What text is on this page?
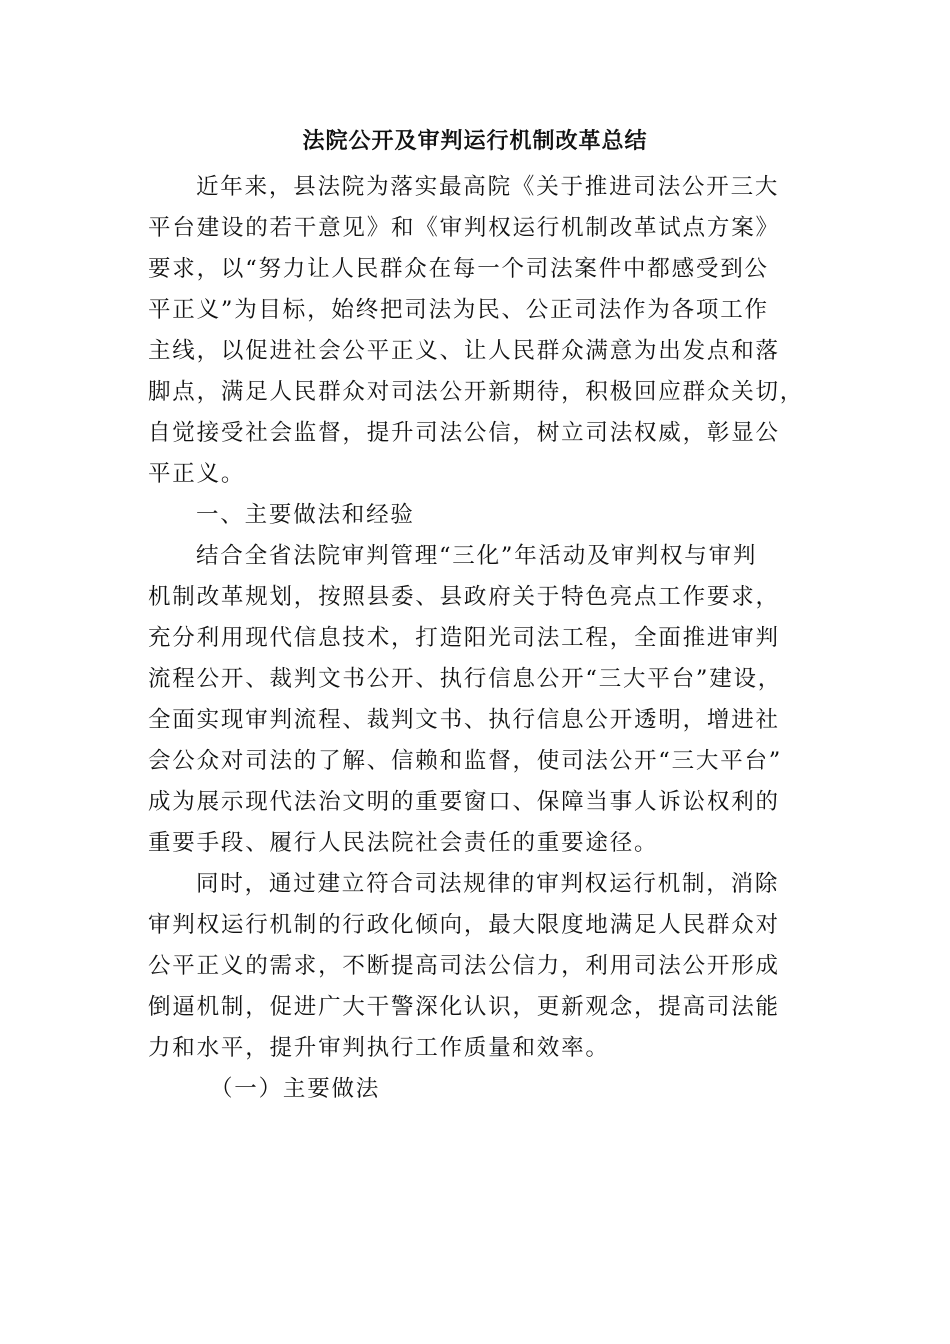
法院公开及审判运行机制改革总结
近年来，县法院为落实最高院《关于推进司法公开三大
平台建设的若干意见》和《审判权运行机制改革试点方案》
要求，以“努力让人民群众在每一个司法案件中都感受到公
平正义”为目标，始终把司法为民、公正司法作为各项工作
主线，以促进社会公平正义、让人民群众满意为出发点和落
脚点，满足人民群众对司法公开新期待，积极回应群众关切，
自觉接受社会监督，提升司法公信，树立司法权威，彰显公
平正义。
一、主要做法和经验
结合全省法院审判管理“三化”年活动及审判权与审判
机制改革规划，按照县委、县政府关于特色亮点工作要求，
充分利用现代信息技术，打造阳光司法工程，全面推进审判
流程公开、裁判文书公开、执行信息公开“三大平台”建设，
全面实现审判流程、裁判文书、执行信息公开透明，增进社
会公众对司法的了解、信赖和监督，使司法公开“三大平台”
成为展示现代法治文明的重要窗口、保障当事人诉讼权利的
重要手段、履行人民法院社会责任的重要途径。
同时，通过建立符合司法规律的审判权运行机制，消除
审判权运行机制的行政化倾向，最大限度地满足人民群众对
公平正义的需求，不断提高司法公信力，利用司法公开形成
倒逼机制，促进广大干警深化认识，更新观念，提高司法能
力和水平，提升审判执行工作质量和效率。
（一）主要做法
